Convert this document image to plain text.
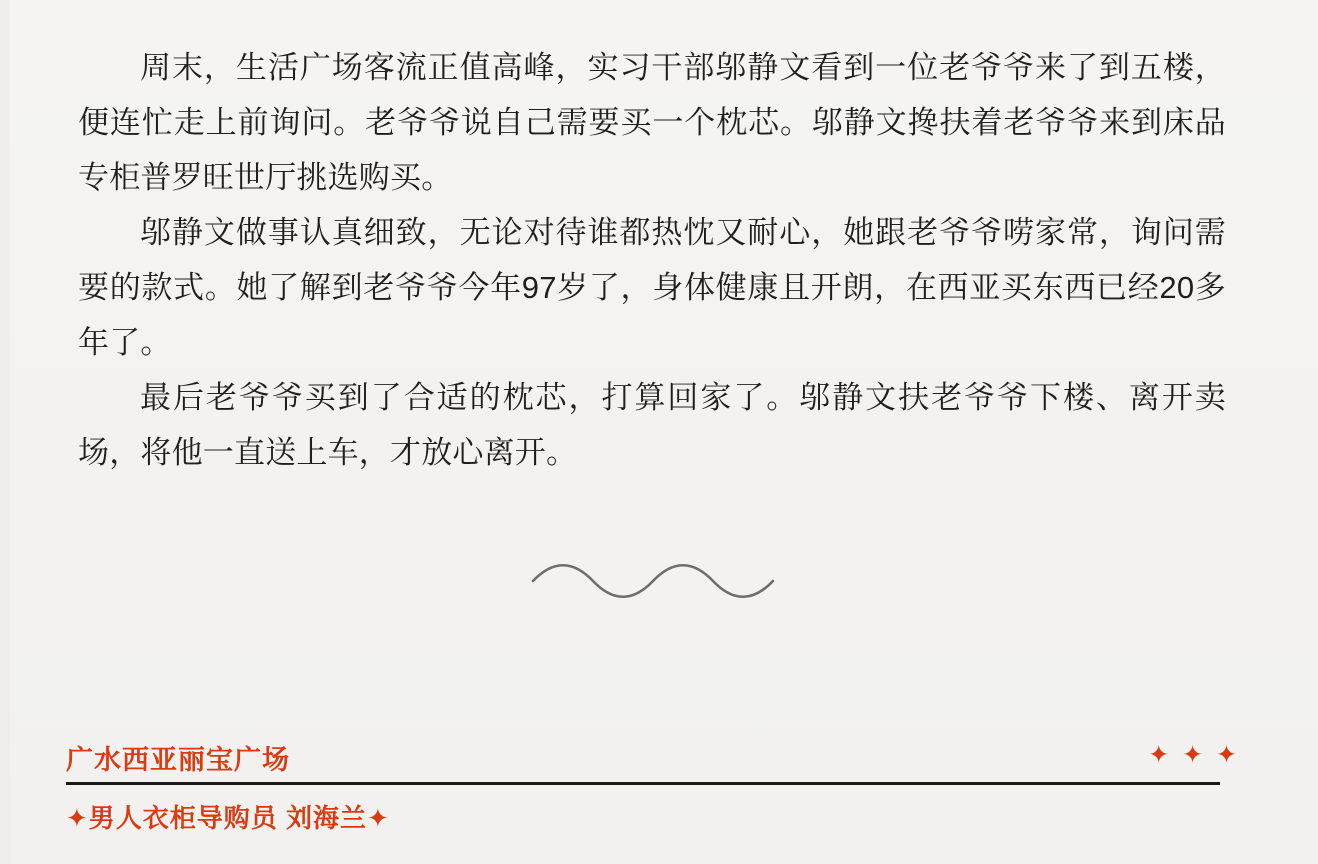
周末，生活广场客流正值高峰，实习干部邬静文看到一位老爷爷来了到五楼，便连忙走上前询问。老爷爷说自己需要买一个枕芯。邬静文搀扶着老爷爷来到床品专柜普罗旺世厅挑选购买。

邬静文做事认真细致，无论对待谁都热忱又耐心，她跟老爷爷唠家常，询问需要的款式。她了解到老爷爷今年97岁了，身体健康且开朗，在西亚买东西已经20多年了。

最后老爷爷买到了合适的枕芯，打算回家了。邬静文扶老爷爷下楼、离开卖场，将他一直送上车，才放心离开。

广水西亚丽宝广场	✦ ✦ ✦
✦男人衣柜导购员 刘海兰✦
